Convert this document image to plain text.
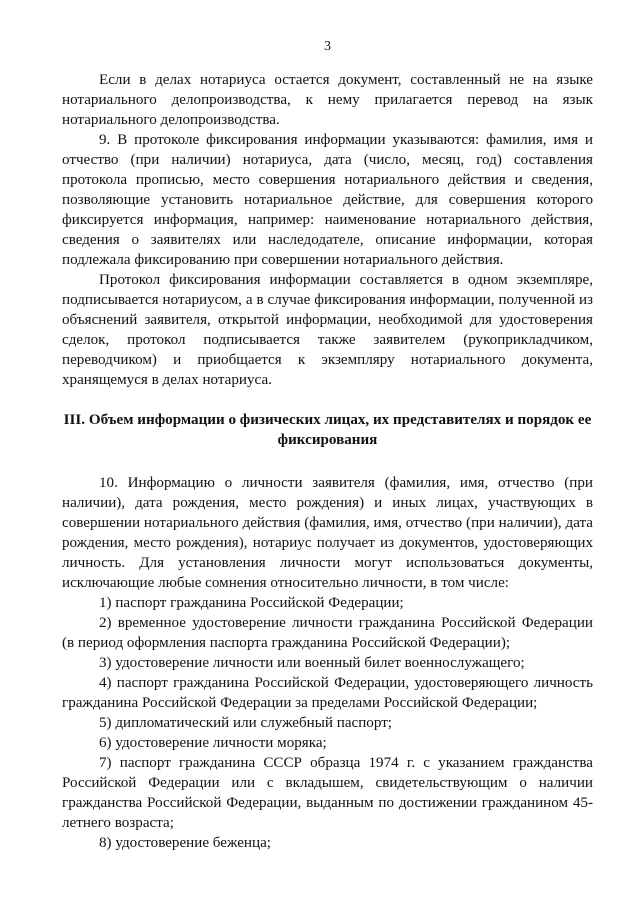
3

Если в делах нотариуса остается документ, составленный не на языке нотариального делопроизводства, к нему прилагается перевод на язык нотариального делопроизводства.

9. В протоколе фиксирования информации указываются: фамилия, имя и отчество (при наличии) нотариуса, дата (число, месяц, год) составления протокола прописью, место совершения нотариального действия и сведения, позволяющие установить нотариальное действие, для совершения которого фиксируется информация, например: наименование нотариального действия, сведения о заявителях или наследодателе, описание информации, которая подлежала фиксированию при совершении нотариального действия.

Протокол фиксирования информации составляется в одном экземпляре, подписывается нотариусом, а в случае фиксирования информации, полученной из объяснений заявителя, открытой информации, необходимой для удостоверения сделок, протокол подписывается также заявителем (рукоприкладчиком, переводчиком) и приобщается к экземпляру нотариального документа, хранящемуся в делах нотариуса.

III. Объем информации о физических лицах, их представителях и порядок ее
фиксирования

10. Информацию о личности заявителя (фамилия, имя, отчество (при наличии), дата рождения, место рождения) и иных лицах, участвующих в совершении нотариального действия (фамилия, имя, отчество (при наличии), дата рождения, место рождения), нотариус получает из документов, удостоверяющих личность. Для установления личности могут использоваться документы, исключающие любые сомнения относительно личности, в том числе:

1) паспорт гражданина Российской Федерации;

2) временное удостоверение личности гражданина Российской Федерации (в период оформления паспорта гражданина Российской Федерации);

3) удостоверение личности или военный билет военнослужащего;

4) паспорт гражданина Российской Федерации, удостоверяющего личность гражданина Российской Федерации за пределами Российской Федерации;

5) дипломатический или служебный паспорт;

6) удостоверение личности моряка;

7) паспорт гражданина СССР образца 1974 г. с указанием гражданства Российской Федерации или с вкладышем, свидетельствующим о наличии гражданства Российской Федерации, выданным по достижении гражданином 45-летнего возраста;

8) удостоверение беженца;
